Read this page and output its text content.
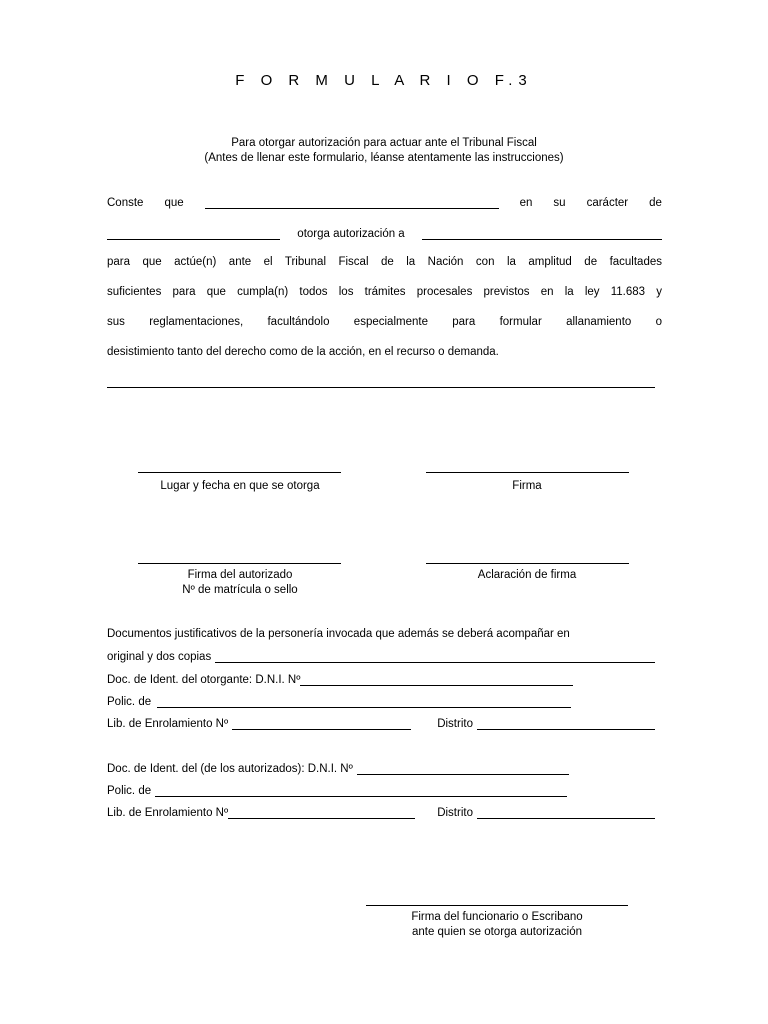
F O R M U L A R I O F.3
Para otorgar autorización para actuar ante el Tribunal Fiscal
(Antes de llenar este formulario, léanse atentamente las instrucciones)
Conste que	en su carácter de
otorga autorización a
para que actúe(n) ante el Tribunal Fiscal de la Nación con la amplitud de facultades
suficientes para que cumpla(n) todos los trámites procesales previstos en la ley 11.683 y
sus reglamentaciones, facultándolo especialmente para formular allanamiento o
desistimiento tanto del derecho como de la acción, en el recurso o demanda.
Lugar y fecha en que se otorga	Firma
Firma del autorizado
Nº de matrícula o sello
Aclaración de firma
Documentos justificativos de la personería invocada que además se deberá acompañar en
original y dos copias
Doc. de Ident. del otorgante: D.N.I. Nº
Polic. de
Lib. de Enrolamiento Nº	Distrito
Doc. de Ident. del (de los autorizados): D.N.I. Nº
Polic. de
Lib. de Enrolamiento Nº	Distrito
Firma del funcionario o Escribano
ante quien se otorga autorización
